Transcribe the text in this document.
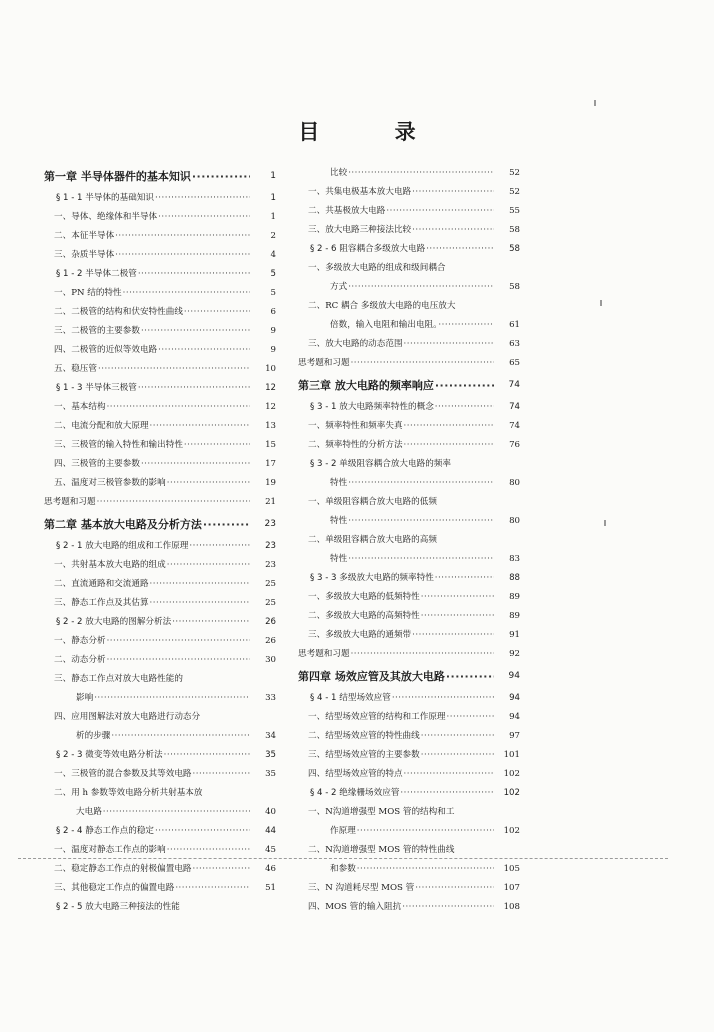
目 录
第一章 半导体器件的基本知识 ·····	1
§ 1 - 1 半导体的基础知识 ·····	1
一、导体、绝缘体和半导体 ·····	1
二、本征半导体 ·····	2
三、杂质半导体 ·····	4
§ 1 - 2 半导体二极管 ·····	5
一、PN 结的特性 ·····	5
二、二极管的结构和伏安特性曲线 ·····	6
三、二极管的主要参数 ·····	9
四、二极管的近似等效电路 ·····	9
五、稳压管 ·····	10
§ 1 - 3 半导体三极管 ·····	12
一、基本结构 ·····	12
二、电流分配和放大原理 ·····	13
三、三极管的输入特性和输出特性 ·····	15
四、三极管的主要参数 ·····	17
五、温度对三极管参数的影响 ·····	19
思考题和习题 ·····	21
第二章 基本放大电路及分析方法 ·····	23
§ 2 - 1 放大电路的组成和工作原理 ·····	23
一、共射基本放大电路的组成 ·····	23
二、直流通路和交流通路 ·····	25
三、静态工作点及其估算 ·····	25
§ 2 - 2 放大电路的图解分析法 ·····	26
一、静态分析 ·····	26
二、动态分析 ·····	30
三、静态工作点对放大电路性能的
影响 ·····	33
四、应用图解法对放大电路进行动态分
析的步骤 ·····	34
§ 2 - 3 微变等效电路分析法 ·····	35
一、三极管的混合参数及其等效电路 ·····	35
二、用 h 参数等效电路分析共射基本放
大电路 ·····	40
§ 2 - 4 静态工作点的稳定 ·····	44
一、温度对静态工作点的影响 ·····	45
二、稳定静态工作点的射极偏置电路 ·····	46
三、其他稳定工作点的偏置电路 ·····	51
§ 2 - 5 放大电路三种接法的性能
比较 ·····	52
一、共集电极基本放大电路 ·····	52
二、共基极放大电路 ·····	55
三、放大电路三种接法比较 ·····	58
§ 2 - 6 阻容耦合多级放大电路 ·····	58
一、多级放大电路的组成和级间耦合
方式 ·····	58
二、RC 耦合 多级放大电路的电压放大
倍数，输入电阻和输出电阻。 ·····	61
三、放大电路的动态范围 ·····	63
思考题和习题 ·····	65
第三章 放大电路的频率响应 ·····	74
§ 3 - 1 放大电路频率特性的概念 ·····	74
一、频率特性和频率失真 ·····	74
二、频率特性的分析方法 ·····	76
§ 3 - 2 单级阻容耦合放大电路的频率
特性 ·····	80
一、单级阻容耦合放大电路的低频
特性 ·····	80
二、单级阻容耦合放大电路的高频
特性 ·····	83
§ 3 - 3 多级放大电路的频率特性 ·····	88
一、多级放大电路的低频特性 ·····	89
二、多级放大电路的高频特性 ·····	89
三、多级放大电路的通频带 ·····	91
思考题和习题 ·····	92
第四章 场效应管及其放大电路 ·····	94
§ 4 - 1 结型场效应管 ·····	94
一、结型场效应管的结构和工作原理 ·····	94
二、结型场效应管的特性曲线 ·····	97
三、结型场效应管的主要参数 ·····	101
四、结型场效应管的特点 ·····	102
§ 4 - 2 绝缘栅场效应管 ·····	102
一、N沟道增强型 MOS 管的结构和工
作原理 ·····	102
二、N沟道增强型 MOS 管的特性曲线
和参数 ·····	105
三、N 沟道耗尽型 MOS 管 ·····	107
四、MOS 管的输入阻抗 ·····	108
